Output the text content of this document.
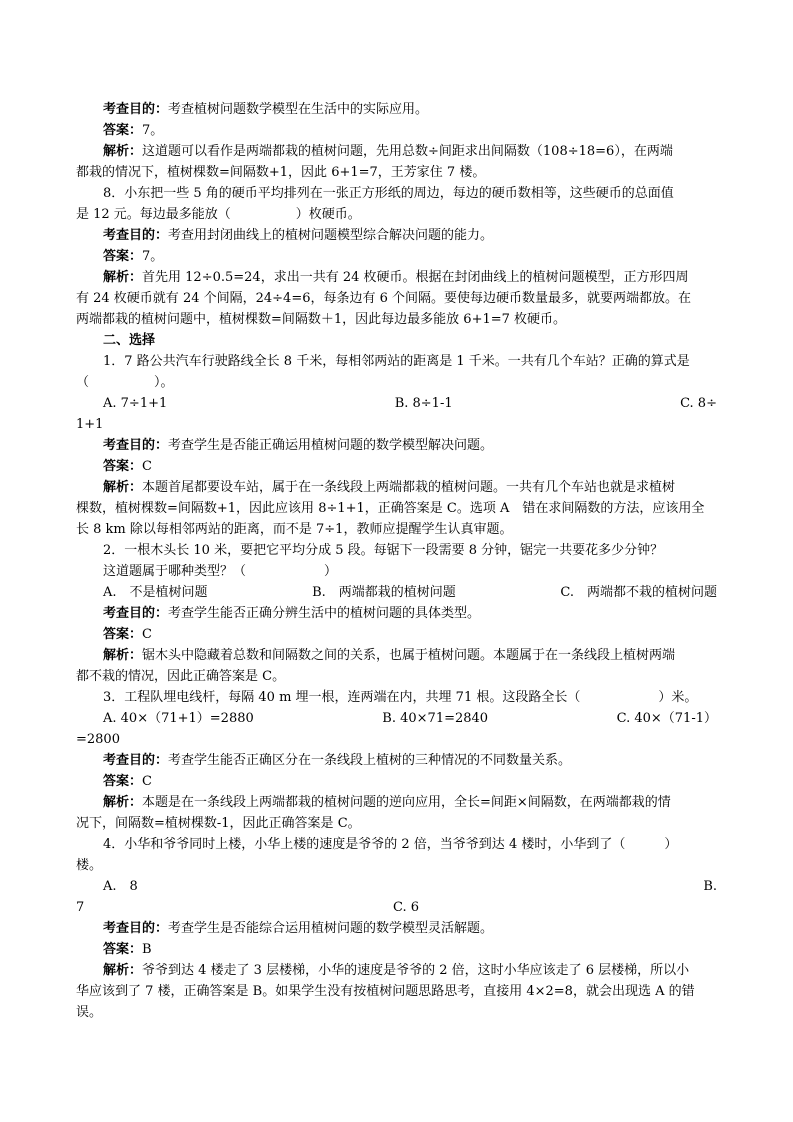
考查目的：考查植树问题数学模型在生活中的实际应用。
答案：7。
解析：这道题可以看作是两端都栽的植树问题，先用总数÷间距求出间隔数（108÷18=6），在两端
都栽的情况下，植树棵数=间隔数+1，因此 6+1=7，王芳家住 7 楼。
8．小东把一些 5 角的硬币平均排列在一张正方形纸的周边，每边的硬币数相等，这些硬币的总面值
是 12 元。每边最多能放（　　　　　）枚硬币。
考查目的：考查用封闭曲线上的植树问题模型综合解决问题的能力。
答案：7。
解析：首先用 12÷0.5=24，求出一共有 24 枚硬币。根据在封闭曲线上的植树问题模型，正方形四周
有 24 枚硬币就有 24 个间隔，24÷4=6，每条边有 6 个间隔。要使每边硬币数量最多，就要两端都放。在
两端都栽的植树问题中，植树棵数=间隔数＋1，因此每边最多能放 6+1=7 枚硬币。
二、选择
1．7 路公共汽车行驶路线全长 8 千米，每相邻两站的距离是 1 千米。一共有几个车站？正确的算式是
（　　　　　）。
A. 7÷1+1	B. 8÷1-1	C. 8÷
1+1
考查目的：考查学生是否能正确运用植树问题的数学模型解决问题。
答案：C
解析：本题首尾都要设车站，属于在一条线段上两端都栽的植树问题。一共有几个车站也就是求植树
棵数，植树棵数=间隔数+1，因此应该用 8÷1+1，正确答案是 C。选项 A　错在求间隔数的方法，应该用全
长 8 km 除以每相邻两站的距离，而不是 7÷1，教师应提醒学生认真审题。
2．一根木头长 10 米，要把它平均分成 5 段。每锯下一段需要 8 分钟，锯完一共要花多少分钟？
这道题属于哪种类型？（　　　　　　）
A.　不是植树问题	B.　两端都栽的植树问题	C.　两端都不栽的植树问题
考查目的：考查学生能否正确分辨生活中的植树问题的具体类型。
答案：C
解析：锯木头中隐藏着总数和间隔数之间的关系，也属于植树问题。本题属于在一条线段上植树两端
都不栽的情况，因此正确答案是 C。
3．工程队埋电线杆，每隔 40 m 埋一根，连两端在内，共埋 71 根。这段路全长（　　　　　　）米。
A. 40×（71+1）=2880	B. 40×71=2840	C. 40×（71-1）
=2800
考查目的：考查学生能否正确区分在一条线段上植树的三种情况的不同数量关系。
答案：C
解析：本题是在一条线段上两端都栽的植树问题的逆向应用，全长=间距×间隔数，在两端都栽的情
况下，间隔数=植树棵数-1，因此正确答案是 C。
4．小华和爷爷同时上楼，小华上楼的速度是爷爷的 2 倍，当爷爷到达 4 楼时，小华到了（　　　）
楼。
A.　8	B.
7	C. 6
考查目的：考查学生是否能综合运用植树问题的数学模型灵活解题。
答案：B
解析：爷爷到达 4 楼走了 3 层楼梯，小华的速度是爷爷的 2 倍，这时小华应该走了 6 层楼梯，所以小
华应该到了 7 楼，正确答案是 B。如果学生没有按植树问题思路思考，直接用 4×2=8，就会出现选 A 的错
误。
